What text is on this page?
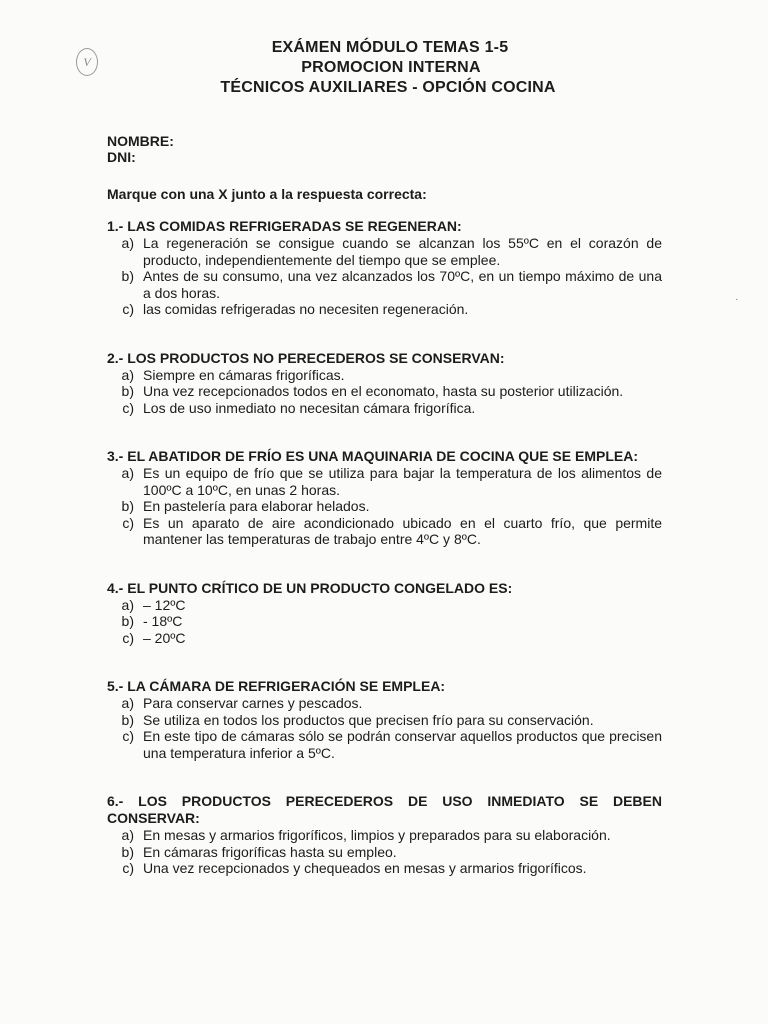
V
·
EXÁMEN MÓDULO TEMAS 1-5
PROMOCION INTERNA
TÉCNICOS AUXILIARES - OPCIÓN COCINA
NOMBRE:
DNI:
Marque con una X junto a la respuesta correcta:
1.- LAS COMIDAS REFRIGERADAS SE REGENERAN:
a) La regeneración se consigue cuando se alcanzan los 55ºC en el corazón de producto, independientemente del tiempo que se emplee.
b) Antes de su consumo, una vez alcanzados los 70ºC, en un tiempo máximo de una a dos horas.
c) las comidas refrigeradas no necesiten regeneración.
2.- LOS PRODUCTOS NO PERECEDEROS SE CONSERVAN:
a) Siempre en cámaras frigoríficas.
b) Una vez recepcionados todos en el economato, hasta su posterior utilización.
c) Los de uso inmediato no necesitan cámara frigorífica.
3.- EL ABATIDOR DE FRÍO ES UNA MAQUINARIA DE COCINA QUE SE EMPLEA:
a) Es un equipo de frío que se utiliza para bajar la temperatura de los alimentos de 100ºC a 10ºC, en unas 2 horas.
b) En pastelería para elaborar helados.
c) Es un aparato de aire acondicionado ubicado en el cuarto frío, que permite mantener las temperaturas de trabajo entre 4ºC y 8ºC.
4.- EL PUNTO CRÍTICO DE UN PRODUCTO CONGELADO ES:
a) – 12ºC
b) - 18ºC
c) – 20ºC
5.- LA CÁMARA DE REFRIGERACIÓN SE EMPLEA:
a) Para conservar carnes y pescados.
b) Se utiliza en todos los productos que precisen frío para su conservación.
c) En este tipo de cámaras sólo se podrán conservar aquellos productos que precisen una temperatura inferior a 5ºC.
6.- LOS PRODUCTOS PERECEDEROS DE USO INMEDIATO SE DEBEN CONSERVAR:
a) En mesas y armarios frigoríficos, limpios y preparados para su elaboración.
b) En cámaras frigoríficas hasta su empleo.
c) Una vez recepcionados y chequeados en mesas y armarios frigoríficos.
